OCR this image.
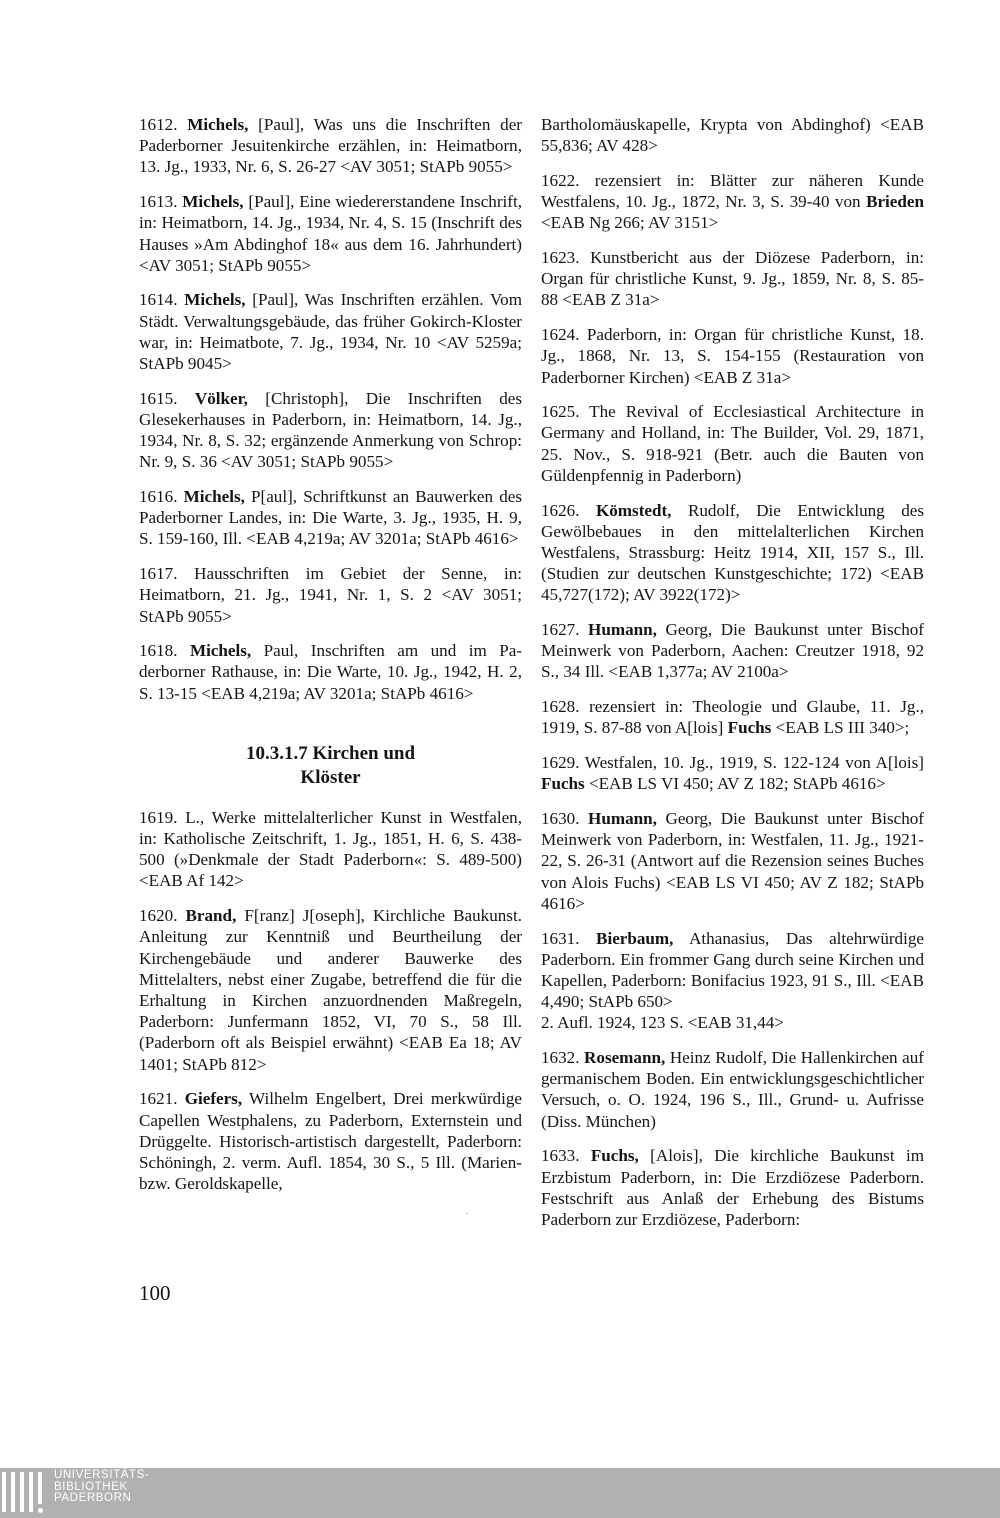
1612. Michels, [Paul], Was uns die Inschriften der Paderborner Jesuitenkirche erzählen, in: Heimatborn, 13. Jg., 1933, Nr. 6, S. 26-27 <AV 3051; StAPb 9055>

1613. Michels, [Paul], Eine wiedererstandene Inschrift, in: Heimatborn, 14. Jg., 1934, Nr. 4, S. 15 (Inschrift des Hauses »Am Abdinghof 18« aus dem 16. Jahrhundert) <AV 3051; StAPb 9055>

1614. Michels, [Paul], Was Inschriften erzählen. Vom Städt. Verwaltungsgebäude, das früher Gokirch-Kloster war, in: Heimatbote, 7. Jg., 1934, Nr. 10 <AV 5259a; StAPb 9045>

1615. Völker, [Christoph], Die Inschriften des Glesekerhauses in Paderborn, in: Heimatborn, 14. Jg., 1934, Nr. 8, S. 32; ergänzende Anmerkung von Schrop: Nr. 9, S. 36 <AV 3051; StAPb 9055>

1616. Michels, P[aul], Schriftkunst an Bauwerken des Paderborner Landes, in: Die Warte, 3. Jg., 1935, H. 9, S. 159-160, Ill. <EAB 4,219a; AV 3201a; StAPb 4616>

1617. Hausschriften im Gebiet der Senne, in: Heimatborn, 21. Jg., 1941, Nr. 1, S. 2 <AV 3051; StAPb 9055>

1618. Michels, Paul, Inschriften am und im Paderborner Rathause, in: Die Warte, 10. Jg., 1942, H. 2, S. 13-15 <EAB 4,219a; AV 3201a; StAPb 4616>

10.3.1.7 Kirchen und
Klöster

1619. L., Werke mittelalterlicher Kunst in Westfalen, in: Katholische Zeitschrift, 1. Jg., 1851, H. 6, S. 438-500 (»Denkmale der Stadt Paderborn«: S. 489-500) <EAB Af 142>

1620. Brand, F[ranz] J[oseph], Kirchliche Baukunst. Anleitung zur Kenntniß und Beurtheilung der Kirchengebäude und anderer Bauwerke des Mittelalters, nebst einer Zugabe, betreffend die für die Erhaltung in Kirchen anzuordnenden Maßregeln, Paderborn: Junfermann 1852, VI, 70 S., 58 Ill. (Paderborn oft als Beispiel erwähnt) <EAB Ea 18; AV 1401; StAPb 812>

1621. Giefers, Wilhelm Engelbert, Drei merkwürdige Capellen Westphalens, zu Paderborn, Externstein und Drüggelte. Historisch-artistisch dargestellt, Paderborn: Schöningh, 2. verm. Aufl. 1854, 30 S., 5 Ill. (Marien- bzw. Geroldskapelle,

Bartholomäuskapelle, Krypta von Abdinghof) <EAB 55,836; AV 428>

1622. rezensiert in: Blätter zur näheren Kunde Westfalens, 10. Jg., 1872, Nr. 3, S. 39-40 von Brieden <EAB Ng 266; AV 3151>

1623. Kunstbericht aus der Diözese Paderborn, in: Organ für christliche Kunst, 9. Jg., 1859, Nr. 8, S. 85-88 <EAB Z 31a>

1624. Paderborn, in: Organ für christliche Kunst, 18. Jg., 1868, Nr. 13, S. 154-155 (Restauration von Paderborner Kirchen) <EAB Z 31a>

1625. The Revival of Ecclesiastical Architecture in Germany and Holland, in: The Builder, Vol. 29, 1871, 25. Nov., S. 918-921 (Betr. auch die Bauten von Güldenpfennig in Paderborn)

1626. Kömstedt, Rudolf, Die Entwicklung des Gewölbebaues in den mittelalterlichen Kirchen Westfalens, Strassburg: Heitz 1914, XII, 157 S., Ill. (Studien zur deutschen Kunstgeschichte; 172) <EAB 45,727(172); AV 3922(172)>

1627. Humann, Georg, Die Baukunst unter Bischof Meinwerk von Paderborn, Aachen: Creutzer 1918, 92 S., 34 Ill. <EAB 1,377a; AV 2100a>

1628. rezensiert in: Theologie und Glaube, 11. Jg., 1919, S. 87-88 von A[lois] Fuchs <EAB LS III 340>;

1629. Westfalen, 10. Jg., 1919, S. 122-124 von A[lois] Fuchs <EAB LS VI 450; AV Z 182; StAPb 4616>

1630. Humann, Georg, Die Baukunst unter Bischof Meinwerk von Paderborn, in: Westfalen, 11. Jg., 1921-22, S. 26-31 (Antwort auf die Rezension seines Buches von Alois Fuchs) <EAB LS VI 450; AV Z 182; StAPb 4616>

1631. Bierbaum, Athanasius, Das altehrwürdige Paderborn. Ein frommer Gang durch seine Kirchen und Kapellen, Paderborn: Bonifacius 1923, 91 S., Ill. <EAB 4,490; StAPb 650>
2. Aufl. 1924, 123 S. <EAB 31,44>

1632. Rosemann, Heinz Rudolf, Die Hallenkirchen auf germanischem Boden. Ein entwicklungsgeschichtlicher Versuch, o. O. 1924, 196 S., Ill., Grund- u. Aufrisse (Diss. München)

1633. Fuchs, [Alois], Die kirchliche Baukunst im Erzbistum Paderborn, in: Die Erzdiözese Paderborn. Festschrift aus Anlaß der Erhebung des Bistums Paderborn zur Erzdiözese, Paderborn:

100
UNIVERSITÄTS-
BIBLIOTHEK
PADERBORN
